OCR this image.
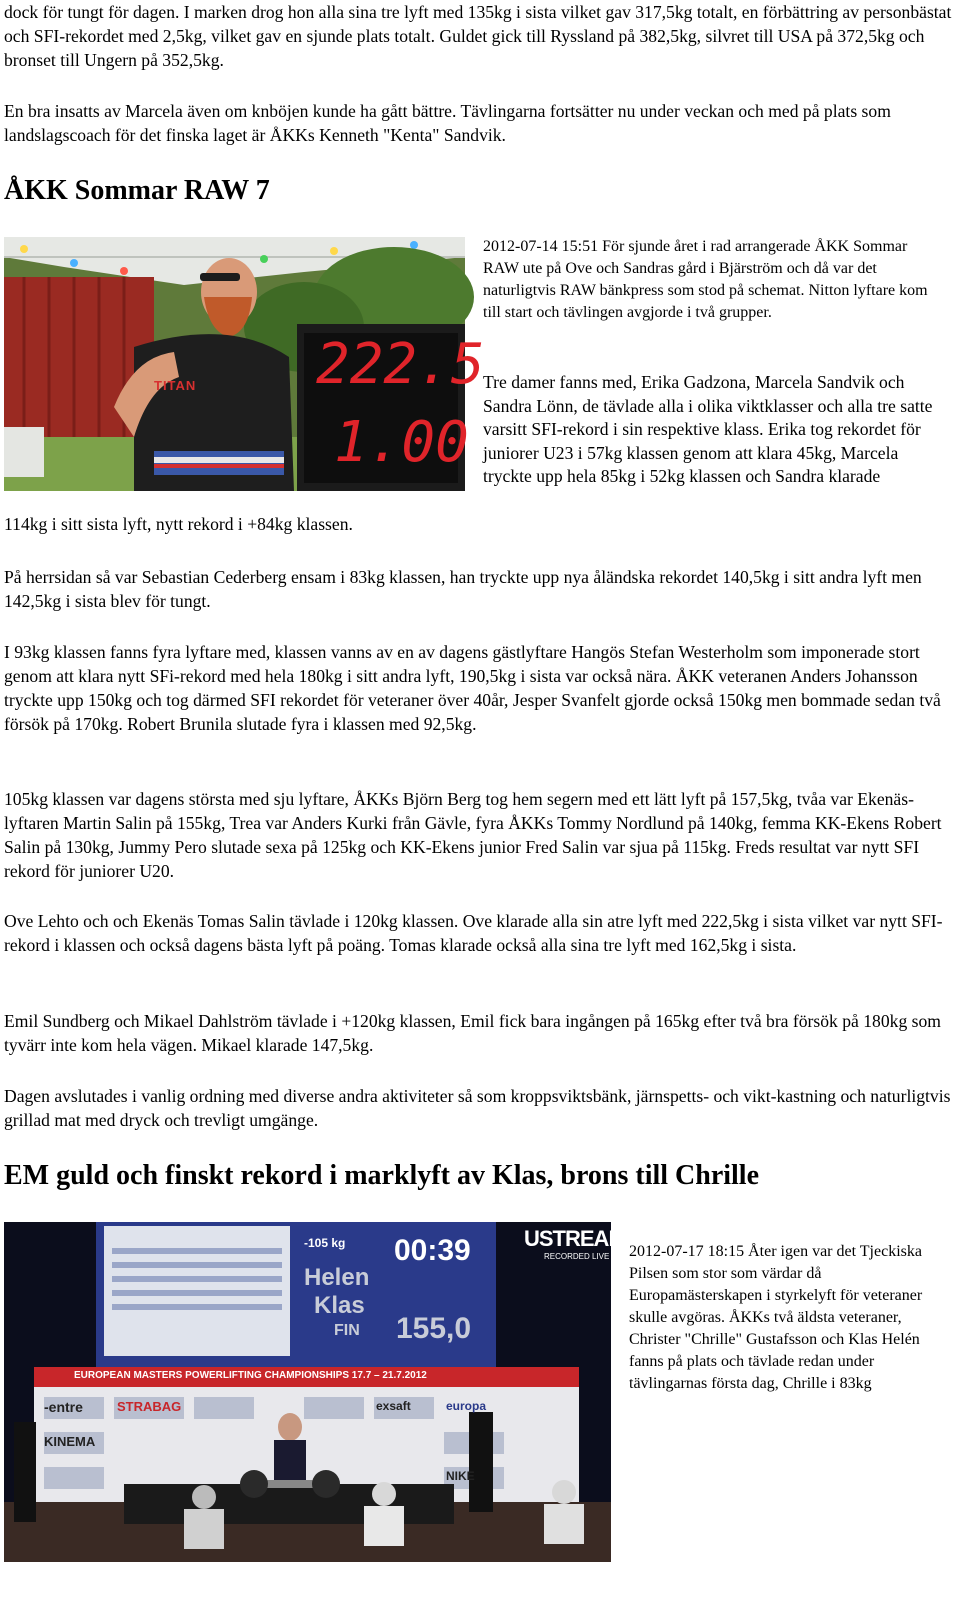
dock för tungt för dagen. I marken drog hon alla sina tre lyft med 135kg i sista vilket gav 317,5kg totalt, en förbättring av personbästat och SFI-rekordet med 2,5kg, vilket gav en sjunde plats totalt. Guldet gick till Ryssland på 382,5kg, silvret till USA på 372,5kg och bronset till Ungern på 352,5kg.

En bra insatts av Marcela även om knböjen kunde ha gått bättre. Tävlingarna fortsätter nu under veckan och med på plats som landslagscoach för det finska laget är ÅKKs Kenneth "Kenta" Sandvik.

ÅKK Sommar RAW 7
TITAN 222.5
1.00
114kg i sitt sista lyft, nytt rekord i +84kg klassen.
2012-07-14 15:51 För sjunde året i rad arrangerade ÅKK Sommar RAW ute på Ove och Sandras gård i Bjärström och då var det naturligtvis RAW bänkpress som stod på schemat. Nitton lyftare kom till start och tävlingen avgjorde i två grupper.
Tre damer fanns med, Erika Gadzona, Marcela Sandvik och Sandra Lönn, de tävlade alla i olika viktklasser och alla tre satte varsitt SFI-rekord i sin respektive klass. Erika tog rekordet för juniorer U23 i 57kg klassen genom att klara 45kg, Marcela tryckte upp hela 85kg i 52kg klassen och Sandra klarade

På herrsidan så var Sebastian Cederberg ensam i 83kg klassen, han tryckte upp nya åländska rekordet 140,5kg i sitt andra lyft men 142,5kg i sista blev för tungt.

I 93kg klassen fanns fyra lyftare med, klassen vanns av en av dagens gästlyftare Hangös Stefan Westerholm som imponerade stort genom att klara nytt SFi-rekord med hela 180kg i sitt andra lyft, 190,5kg i sista var också nära. ÅKK veteranen Anders Johansson tryckte upp 150kg och tog därmed SFI rekordet för veteraner över 40år, Jesper Svanfelt gjorde också 150kg men bommade sedan två försök på 170kg. Robert Brunila slutade fyra i klassen med 92,5kg.

105kg klassen var dagens största med sju lyftare, ÅKKs Björn Berg tog hem segern med ett lätt lyft på 157,5kg, tvåa var Ekenäs-lyftaren Martin Salin på 155kg, Trea var Anders Kurki från Gävle, fyra ÅKKs Tommy Nordlund på 140kg, femma KK-Ekens Robert Salin på 130kg, Jummy Pero slutade sexa på 125kg och KK-Ekens junior Fred Salin var sjua på 115kg. Freds resultat var nytt SFI rekord för juniorer U20.

Ove Lehto och och Ekenäs Tomas Salin tävlade i 120kg klassen. Ove klarade alla sin atre lyft med 222,5kg i sista vilket var nytt SFI-rekord i klassen och också dagens bästa lyft på poäng. Tomas klarade också alla sina tre lyft med 162,5kg i sista.

Emil Sundberg och Mikael Dahlström tävlade i +120kg klassen, Emil fick bara ingången på 165kg efter två bra försök på 180kg som tyvärr inte kom hela vägen. Mikael klarade 147,5kg.

Dagen avslutades i vanlig ordning med diverse andra aktiviteter så som kroppsviktsbänk, järnspetts- och vikt-kastning och naturligtvis grillad mat med dryck och trevligt umgänge.

EM guld och finskt rekord i marklyft av Klas, brons till Chrille
USTREAM
RECORDED LIVE
-105 kg 00:39
Helen
Klas
FIN 155,0
EUROPEAN MASTERS POWERLIFTING CHAMPIONSHIPS 17.7 – 21.7.2012
-entre	STRABAG	exsaft	europa
KINEMA
NIKE
2012-07-17 18:15 Åter igen var det Tjeckiska Pilsen som stor som värdar då Europamästerskapen i styrkelyft för veteraner skulle avgöras. ÅKKs två äldsta veteraner, Christer "Chrille" Gustafsson och Klas Helén fanns på plats och tävlade redan under tävlingarnas första dag, Chrille i 83kg
